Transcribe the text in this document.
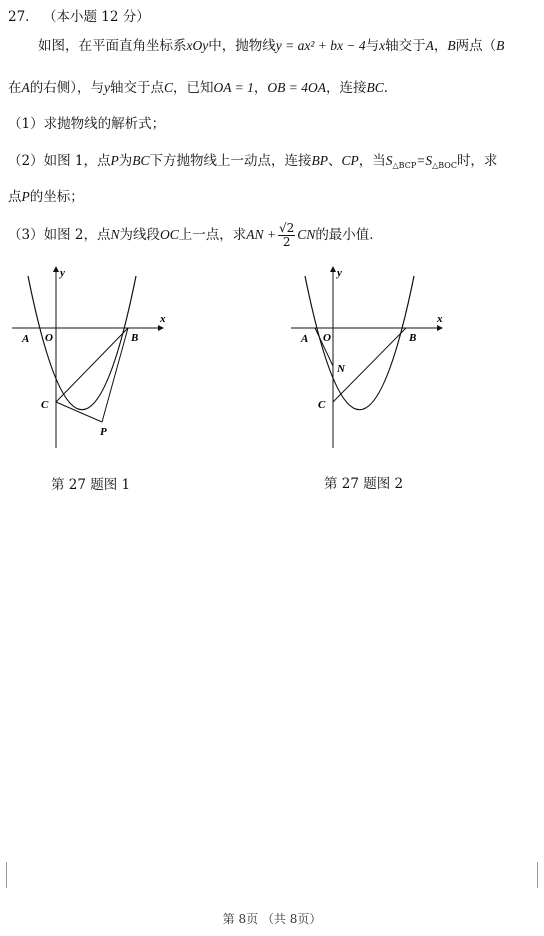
27． （本小题 12 分）
如图，在平面直角坐标系xOy中，抛物线y = ax² + bx − 4与x轴交于A，B两点（B
在A的右侧），与y轴交于点C，已知OA = 1，OB = 4OA，连接BC．
（1）求抛物线的解析式；
（2）如图 1，点P为BC下方抛物线上一动点，连接BP、CP，当$S_{\triangle BCP}=S_{\triangle BOC}$时，求
点P的坐标；
（3）如图 2，点N为线段OC上一点，求AN + $\frac{√2}{2}$ CN的最小值．
x
y
A O	B
C
P
第 27 题图 1
x
y
A O	B
N
C
第 27 题图 2
第 8页 （共 8页）
